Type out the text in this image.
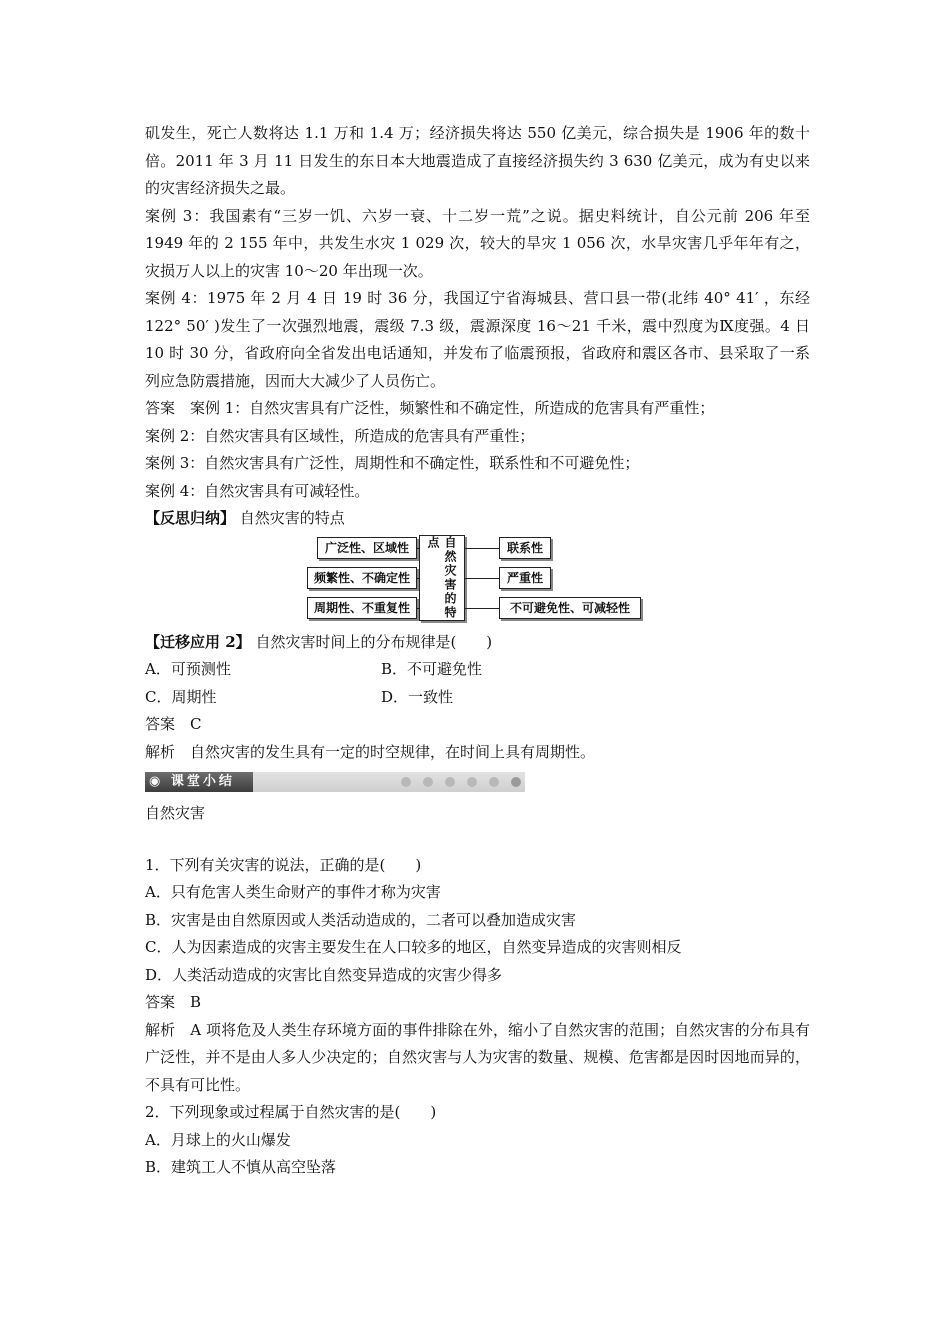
矶发生，死亡人数将达 1.1 万和 1.4 万；经济损失将达 550 亿美元，综合损失是 1906 年的数十倍。2011 年 3 月 11 日发生的东日本大地震造成了直接经济损失约 3 630 亿美元，成为有史以来的灾害经济损失之最。

案例 3：我国素有“三岁一饥、六岁一衰、十二岁一荒”之说。据史料统计，自公元前 206 年至 1949 年的 2 155 年中，共发生水灾 1 029 次，较大的旱灾 1 056 次，水旱灾害几乎年年有之，灾损万人以上的灾害 10～20 年出现一次。

案例 4：1975 年 2 月 4 日 19 时 36 分，我国辽宁省海城县、营口县一带(北纬 40° 41′ ，东经 122° 50′ )发生了一次强烈地震，震级 7.3 级，震源深度 16～21 千米，震中烈度为Ⅸ度强。4 日 10 时 30 分，省政府向全省发出电话通知，并发布了临震预报，省政府和震区各市、县采取了一系列应急防震措施，因而大大减少了人员伤亡。

答案　案例 1：自然灾害具有广泛性，频繁性和不确定性，所造成的危害具有严重性；

案例 2：自然灾害具有区域性，所造成的危害具有严重性；

案例 3：自然灾害具有广泛性，周期性和不确定性，联系性和不可避免性；

案例 4：自然灾害具有可减轻性。

【反思归纳】 自然灾害的特点

广泛性、区域性
频繁性、不确定性
周期性、不重复性	自然灾害的特点	联系性
严重性
不可避免性、可减轻性

【迁移应用 2】 自然灾害时间上的分布规律是(　　)

A．可预测性	B．不可避免性
C．周期性	D．一致性

答案　C

解析　自然灾害的发生具有一定的时空规律，在时间上具有周期性。

◉ 课堂小结

自然灾害

1．下列有关灾害的说法，正确的是(　　)

A．只有危害人类生命财产的事件才称为灾害

B．灾害是由自然原因或人类活动造成的，二者可以叠加造成灾害

C．人为因素造成的灾害主要发生在人口较多的地区，自然变异造成的灾害则相反

D．人类活动造成的灾害比自然变异造成的灾害少得多

答案　B

解析　A 项将危及人类生存环境方面的事件排除在外，缩小了自然灾害的范围；自然灾害的分布具有广泛性，并不是由人多人少决定的；自然灾害与人为灾害的数量、规模、危害都是因时因地而异的，不具有可比性。

2．下列现象或过程属于自然灾害的是(　　)

A．月球上的火山爆发

B．建筑工人不慎从高空坠落
